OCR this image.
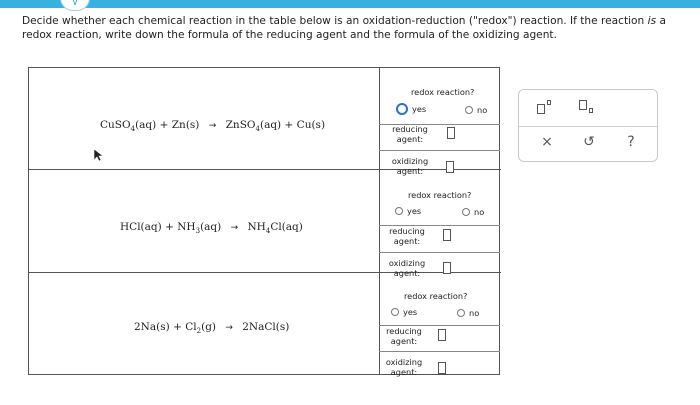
∨
Decide whether each chemical reaction in the table below is an oxidation-reduction ("redox") reaction. If the reaction is a redox reaction, write down the formula of the reducing agent and the formula of the oxidizing agent.
CuSO$_4$(aq) + Zn(s) → ZnSO$_4$(aq) + Cu(s)
redox reaction?
yes	no
reducing agent:
oxidizing agent:
$HCl(aq) + NH_3(aq) \to NH_4Cl(aq)$
redox reaction?
yes	no
reducing agent:
oxidizing agent:
$2Na(s) + Cl_2(g)$ → 2NaCl(s)
redox reaction?
yes	no
reducing agent:
oxidizing agent:
× ↺	?
